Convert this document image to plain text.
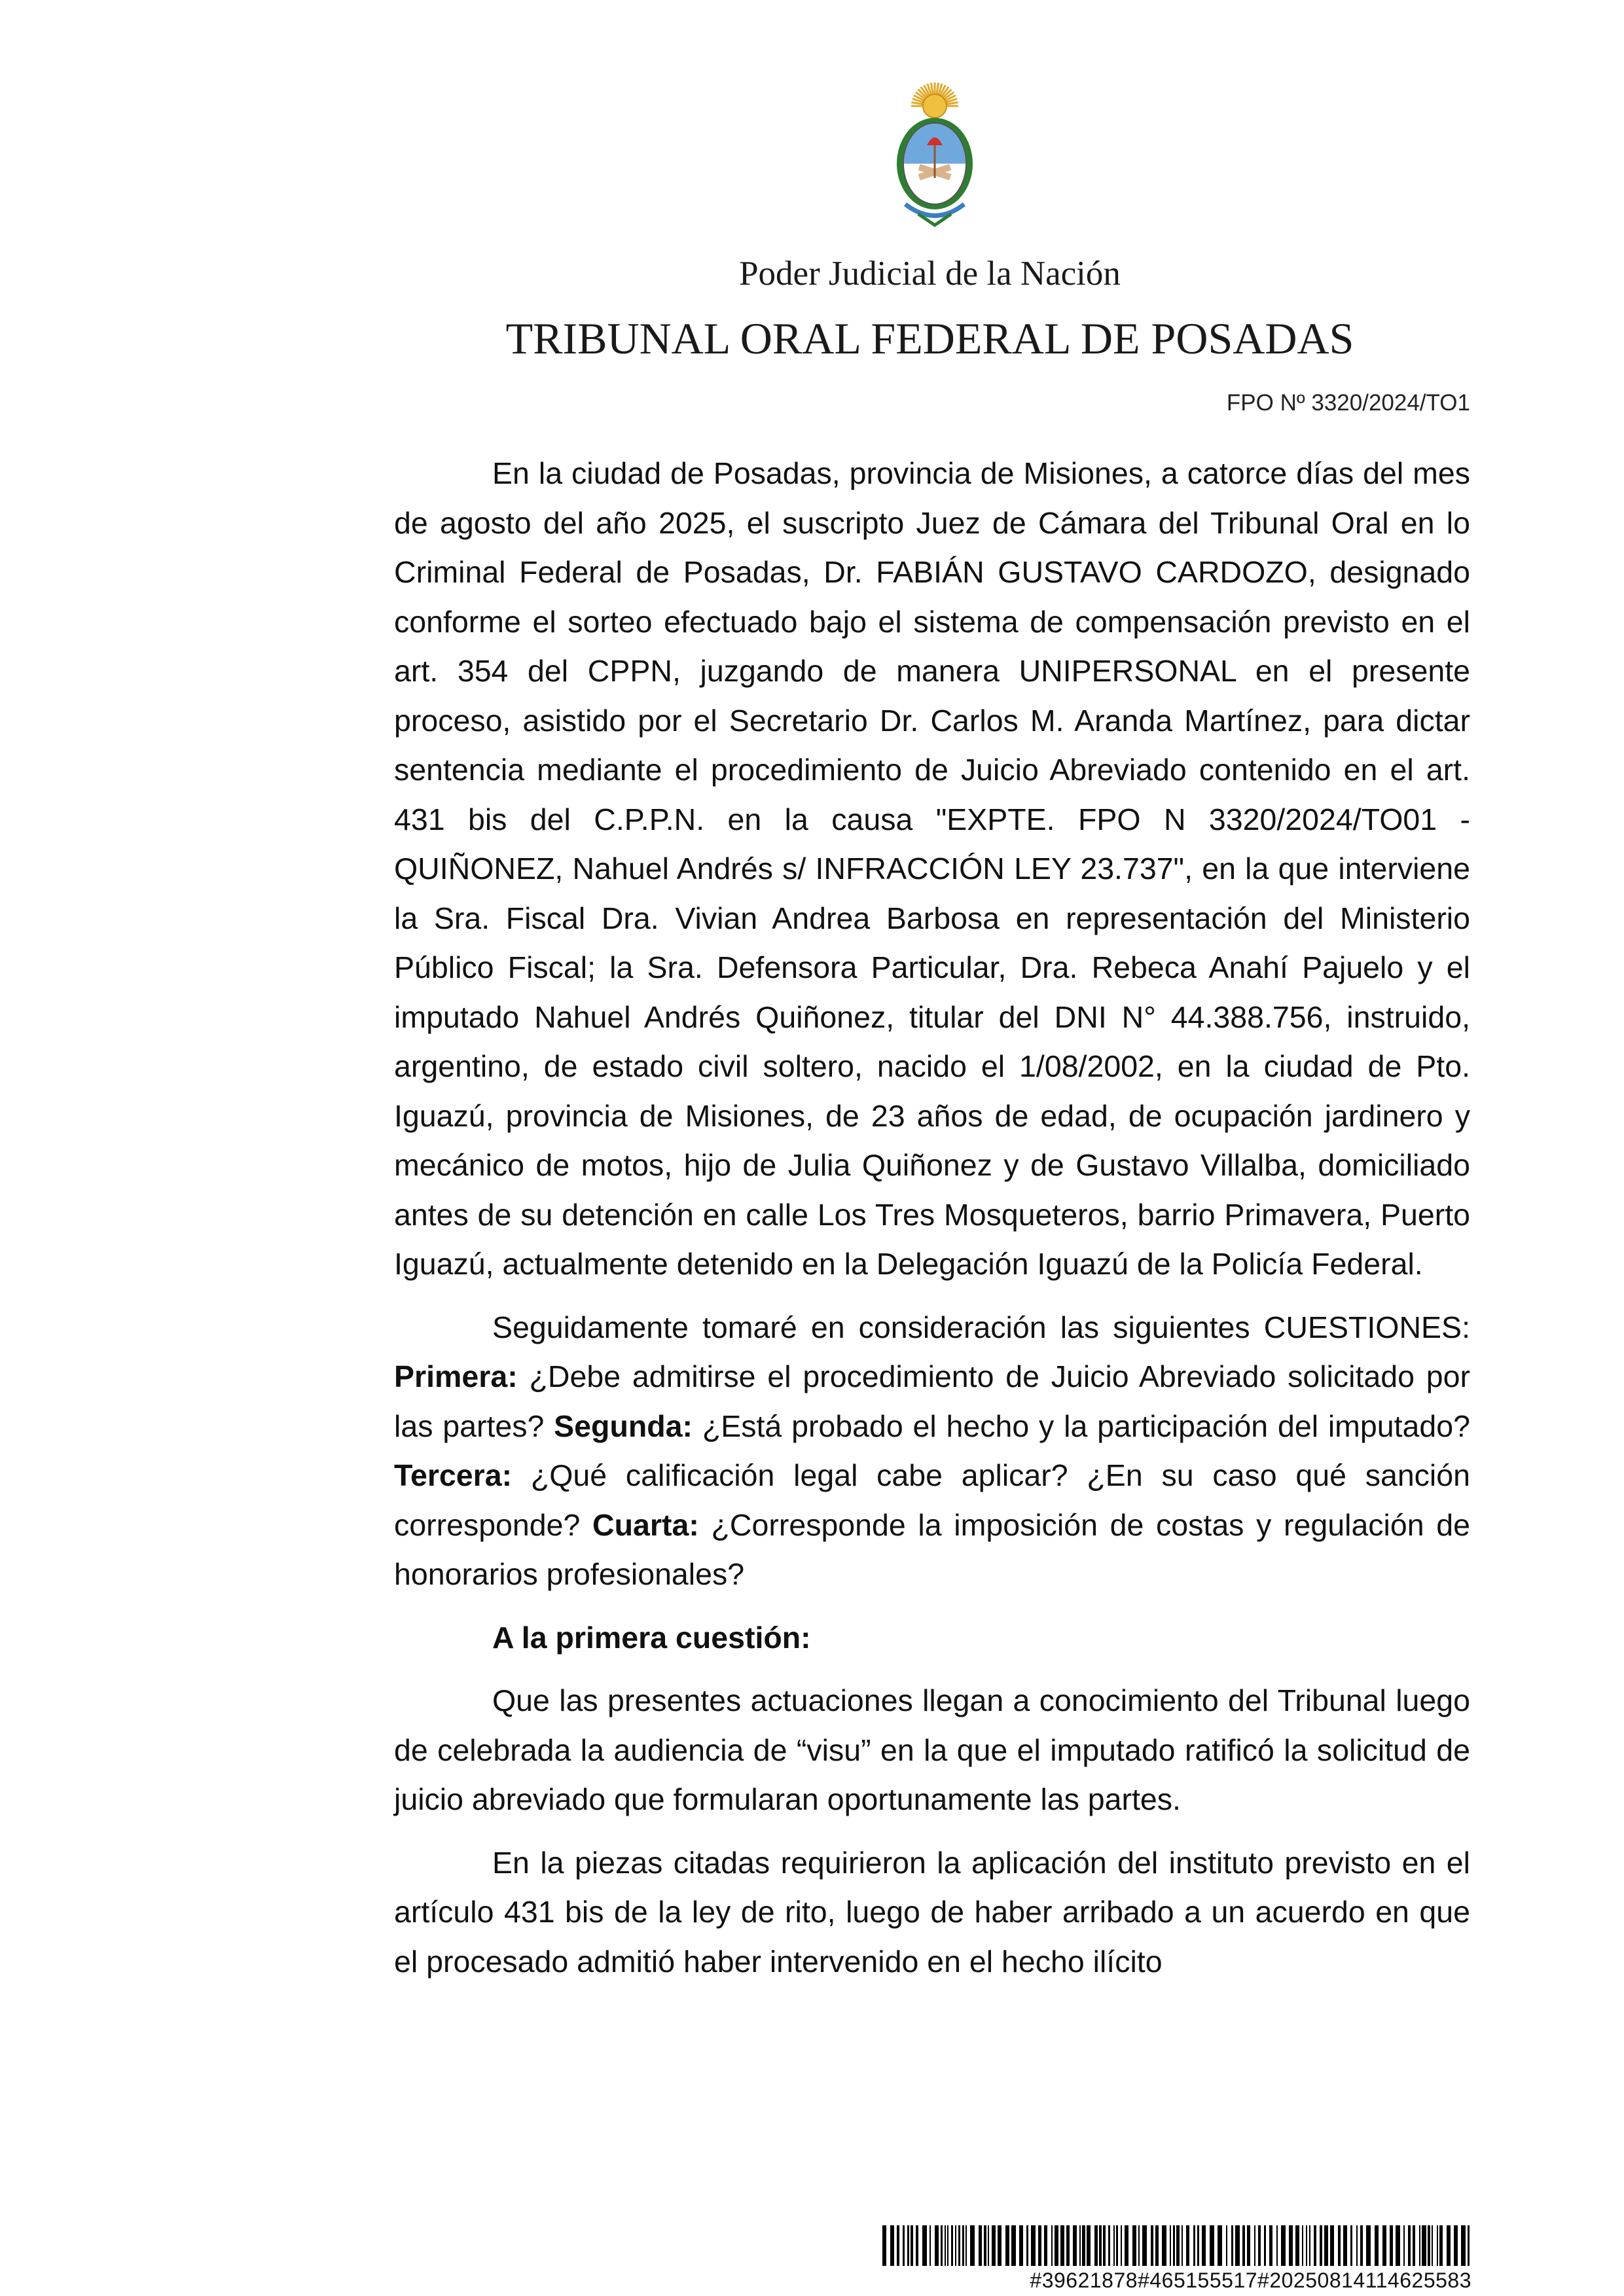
Poder Judicial de la Nación
TRIBUNAL ORAL FEDERAL DE POSADAS
FPO Nº 3320/2024/TO1

En la ciudad de Posadas, provincia de Misiones, a catorce días del mes de agosto del año 2025, el suscripto Juez de Cámara del Tribunal Oral en lo Criminal Federal de Posadas, Dr. FABIÁN GUSTAVO CARDOZO, designado conforme el sorteo efectuado bajo el sistema de compensación previsto en el art. 354 del CPPN, juzgando de manera UNIPERSONAL en el presente proceso, asistido por el Secretario Dr. Carlos M. Aranda Martínez, para dictar sentencia mediante el procedimiento de Juicio Abreviado contenido en el art. 431 bis del C.P.P.N. en la causa "EXPTE. FPO N 3320/2024/TO01 - QUIÑONEZ, Nahuel Andrés s/ INFRACCIÓN LEY 23.737", en la que interviene la Sra. Fiscal Dra. Vivian Andrea Barbosa en representación del Ministerio Público Fiscal; la Sra. Defensora Particular, Dra. Rebeca Anahí Pajuelo y el imputado Nahuel Andrés Quiñonez, titular del DNI N° 44.388.756, instruido, argentino, de estado civil soltero, nacido el 1/08/2002, en la ciudad de Pto. Iguazú, provincia de Misiones, de 23 años de edad, de ocupación jardinero y mecánico de motos, hijo de Julia Quiñonez y de Gustavo Villalba, domiciliado antes de su detención en calle Los Tres Mosqueteros, barrio Primavera, Puerto Iguazú, actualmente detenido en la Delegación Iguazú de la Policía Federal.

Seguidamente tomaré en consideración las siguientes CUESTIONES: Primera: ¿Debe admitirse el procedimiento de Juicio Abreviado solicitado por las partes? Segunda: ¿Está probado el hecho y la participación del imputado? Tercera: ¿Qué calificación legal cabe aplicar? ¿En su caso qué sanción corresponde? Cuarta: ¿Corresponde la imposición de costas y regulación de honorarios profesionales?

A la primera cuestión:

Que las presentes actuaciones llegan a conocimiento del Tribunal luego de celebrada la audiencia de “visu” en la que el imputado ratificó la solicitud de juicio abreviado que formularan oportunamente las partes.

En la piezas citadas requirieron la aplicación del instituto previsto en el artículo 431 bis de la ley de rito, luego de haber arribado a un acuerdo en que el procesado admitió haber intervenido en el hecho ilícito

#39621878#465155517#20250814114625583
